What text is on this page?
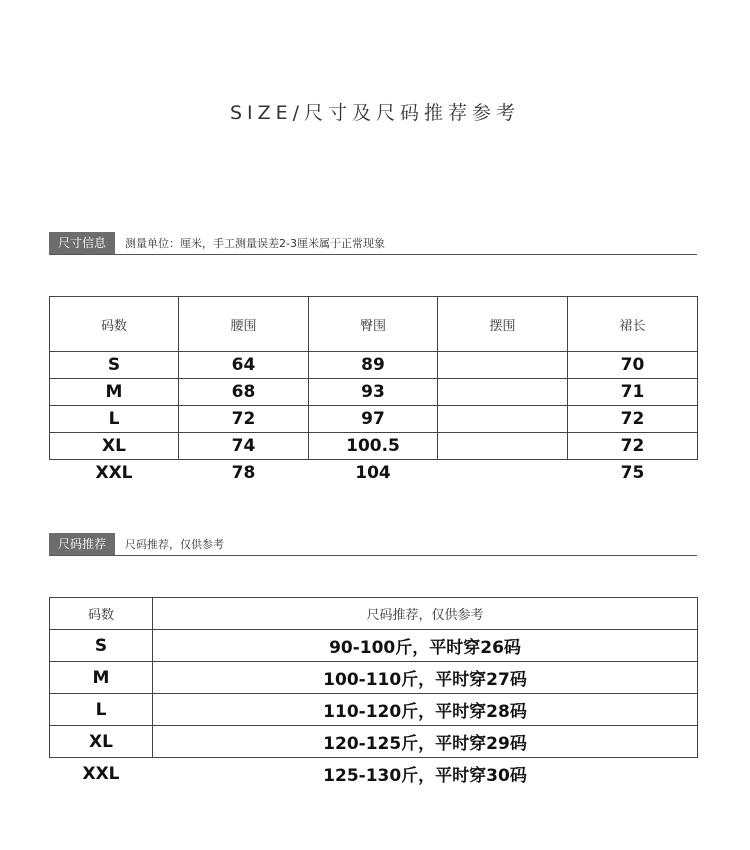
SIZE/尺寸及尺码推荐参考
尺寸信息	测量单位：厘米，手工测量误差2-3厘米属于正常现象
码数	腰围	臀围	摆围	裙长
S	64	89		70
M	68	93		71
L	72	97		72
XL	74	100.5		72
XXL	78	104		75
尺码推荐	尺码推荐，仅供参考
码数	尺码推荐，仅供参考
S	90-100斤，平时穿26码
M	100-110斤，平时穿27码
L	110-120斤，平时穿28码
XL	120-125斤，平时穿29码
XXL	125-130斤，平时穿30码
